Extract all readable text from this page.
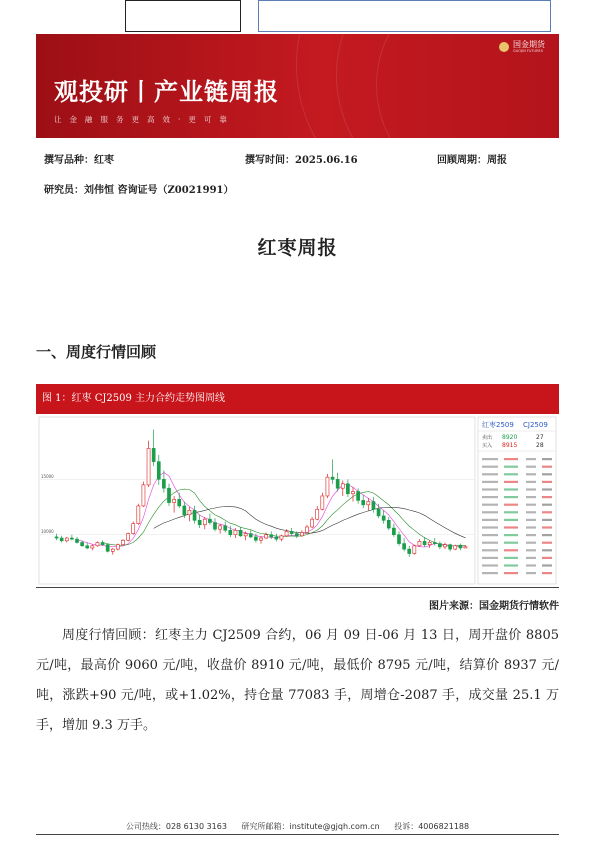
国金期货
GUOJIN FUTURES
观投研丨产业链周报
让金融服务更高效·更可靠
撰写品种：红枣	撰写时间：2025.06.16	回顾周期：周报
研究员：刘伟恒 咨询证号（Z0021991）
红枣周报
一、周度行情回顾
图 1：红枣 CJ2509 主力合约走势图周线
15000
10000
红枣2509 CJ2509
卖出 8920	27
买入 8915	28
图片来源：国金期货行情软件
周度行情回顾：红枣主力 CJ2509 合约，06 月 09 日-06 月 13 日，周开盘价 8805 元/吨，最高价 9060 元/吨，收盘价 8910 元/吨，最低价 8795 元/吨，结算价 8937 元/吨，涨跌+90 元/吨，或+1.02%，持仓量 77083 手，周增仓-2087 手，成交量 25.1 万手，增加 9.3 万手。
公司热线：028 6130 3163 研究所邮箱：institute@gjqh.com.cn 投诉：4006821188
